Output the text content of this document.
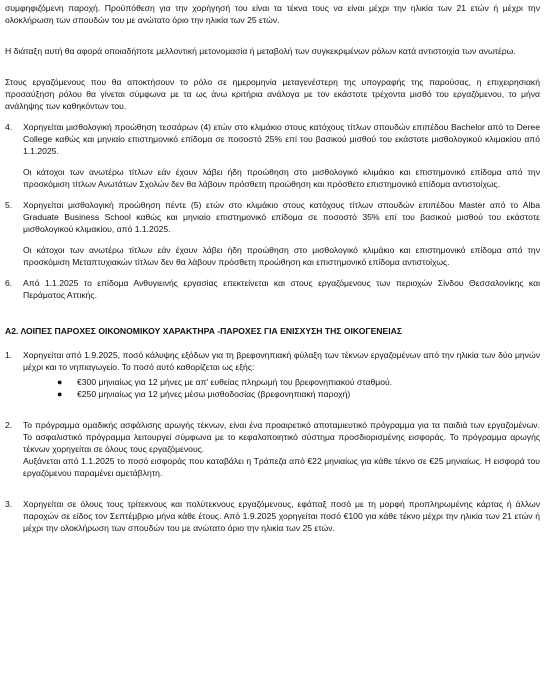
συμφηφιζόμενη παροχή. Προϋπόθεση για την χορήγησή του είναι τα τέκνα τους να είναι μέχρι την ηλικία των 21 ετών ή μέχρι την ολοκλήρωση των σπουδών του με ανώτατο όριο την ηλικία των 25 ετών.

Η διάταξη αυτή θα αφορά οποιαδήποτε μελλοντική μετονομασία ή μεταβολή των συγκεκριμένων ρόλων κατά αντιστοιχία των ανωτέρω.

Στους εργαζόμενους που θα αποκτήσουν το ρόλο σε ημερομηνία μεταγενέστερη της υπογραφής της παρούσας, η επιχειρησιακή προσαύξηση ρόλου θα γίνεται σύμφωνα με τα ως άνω κριτήρια ανάλογα με τον εκάστοτε τρέχοντα μισθό του εργαζόμενου, το μήνα ανάληψης των καθηκόντων του.

4. Χορηγείται μισθολογική προώθηση τεσσάρων (4) ετών στο κλιμάκιο στους κατόχους τίτλων σπουδών επιπέδου Bachelor από το Deree College καθώς και μηνιαίο επιστημονικό επίδομα σε ποσοστό 25% επί του βασικού μισθού του εκάστοτε μισθολογικού κλιμακίου από 1.1.2025.

Οι κάτοχοι των ανωτέρω τίτλων εάν έχουν λάβει ήδη προώθηση στο μισθολογικό κλιμάκιο και επιστημονικό επίδομα από την προσκόμιση τίτλων Ανωτάτων Σχολών δεν θα λάβουν πρόσθετη προώθηση και πρόσθετο επιστημονικό επίδομα αντιστοίχως.

5. Χορηγείται μισθολογική προώθηση πέντε (5) ετών στο κλιμάκιο στους κατόχους τίτλων σπουδών επιπέδου Master από το Alba Graduate Business School καθώς και μηνιαίο επιστημονικό επίδομα σε ποσοστό 35% επί του βασικού μισθού του εκάστοτε μισθολογικού κλιμακίου, από 1.1.2025.

Οι κάτοχοι των ανωτέρω τίτλων εάν έχουν λάβει ήδη προώθηση στο μισθολογικό κλιμάκιο και επιστημονικό επίδομα από την προσκόμιση Μεταπτυχιακών τίτλων δεν θα λάβουν πρόσθετη προώθηση και επιστημονικό επίδομα αντιστοίχως.

6. Από 1.1.2025 το επίδομα Ανθυγιεινής εργασίας επεκτείνεται και στους εργαζόμενους των περιοχών Σίνδου Θεσσαλονίκης και Περάματος Αττικής.

Α2. ΛΟΙΠΕΣ ΠΑΡΟΧΕΣ ΟΙΚΟΝΟΜΙΚΟΥ ΧΑΡΑΚΤΗΡΑ -ΠΑΡΟΧΕΣ ΓΙΑ ΕΝΙΣΧΥΣΗ ΤΗΣ ΟΙΚΟΓΕΝΕΙΑΣ

1. Χορηγείται από 1.9.2025, ποσό κάλυψης εξόδων για τη βρεφονηπιακή φύλαξη των τέκνων εργαζομένων από την ηλικία των δύο μηνών μέχρι και το νηπιαγωγείο. Το ποσό αυτό καθορίζεται ως εξής:

● €300 μηνιαίως για 12 μήνες με απ' ευθείας πληρωμή του βρεφονηπιακού σταθμού.
● €250 μηνιαίως για 12 μήνες μέσω μισθοδοσίας (βρεφονηπιακή παροχή)
2. Το πρόγραμμα ομαδικής ασφάλισης αρωγής τέκνων, είναι ένα προαιρετικό αποταμιευτικό πρόγραμμα για τα παιδιά των εργαζομένων. Το ασφαλιστικό πρόγραμμα λειτουργεί σύμφωνα με το κεφαλοποιητικό σύστημα προσδιορισμένης εισφοράς. Το πρόγραμμα αρωγής τέκνων χορηγείται σε όλους τους εργαζόμενους.

Αυξάνεται από 1.1.2025 το ποσό εισφοράς που καταβάλει η Τράπεζα από €22 μηνιαίως για κάθε τέκνο σε €25 μηνιαίως. Η εισφορά του εργαζόμενου παραμένει αμετάβλητη.

3. Χορηγείται σε όλους τους τρίτεκνους και πολύτεκνους εργαζόμενους, εφάπαξ ποσό με τη μορφή προπληρωμένης κάρτας ή άλλων παροχών σε είδος τον Σεπτέμβριο μήνα κάθε έτους. Από 1.9.2025 χορηγείται ποσό €100 για κάθε τέκνο μέχρι την ηλικία των 21 ετών ή μέχρι την ολοκλήρωση των σπουδών του με ανώτατο όριο την ηλικία των 25 ετών.
